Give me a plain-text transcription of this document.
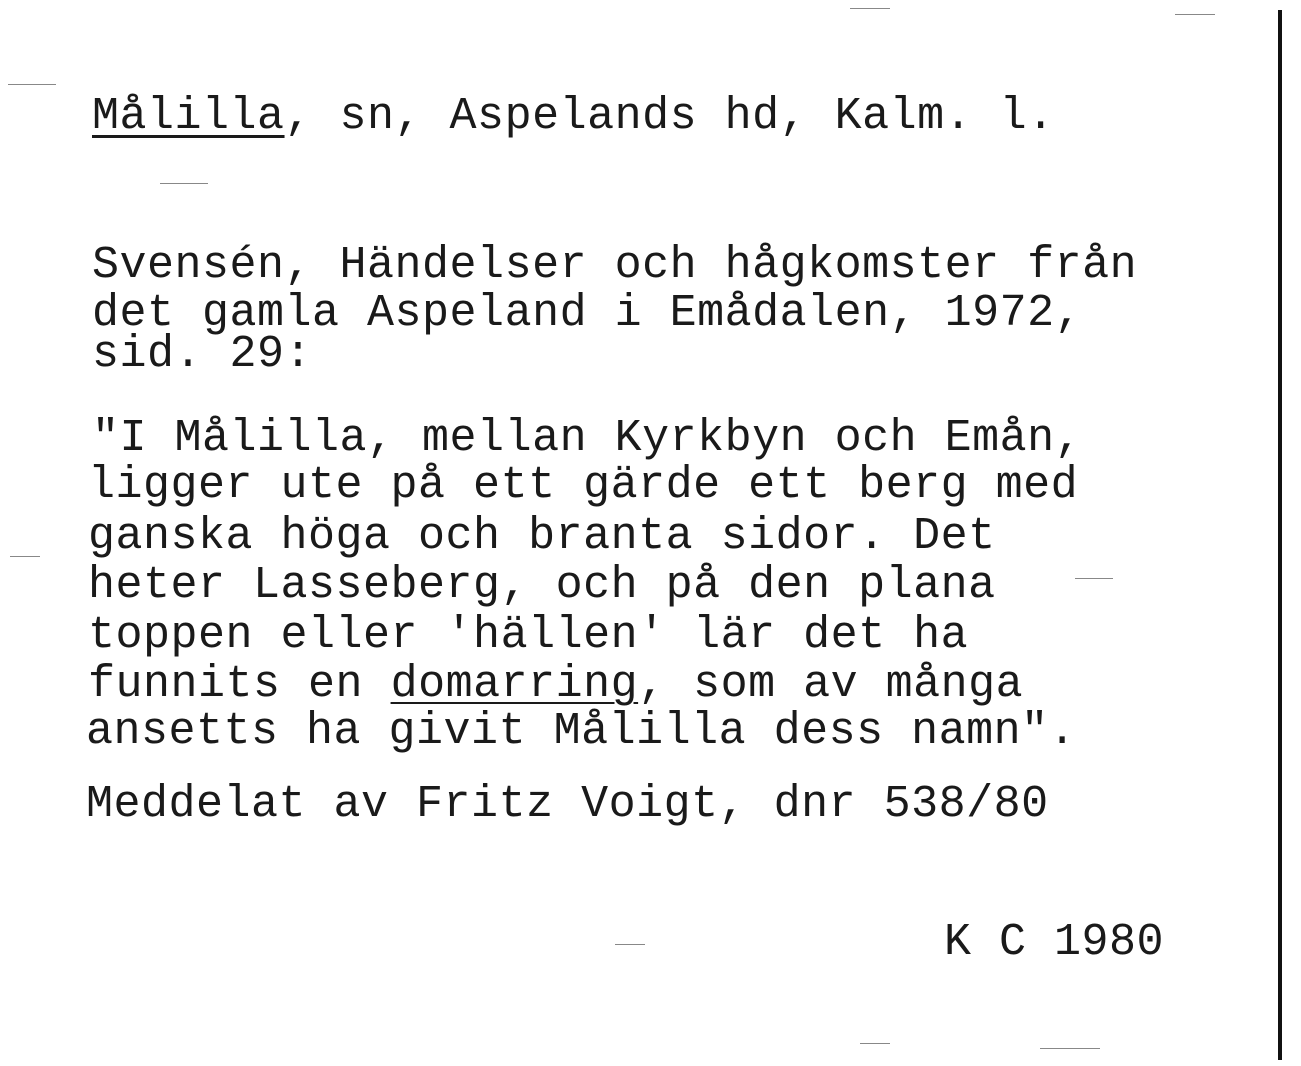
Målilla, sn, Aspelands hd, Kalm. l.
Svensén, Händelser och hågkomster från
det gamla Aspeland i Emådalen, 1972,
sid. 29:
"I Målilla, mellan Kyrkbyn och Emån,
ligger ute på ett gärde ett berg med
ganska höga och branta sidor. Det
heter Lasseberg, och på den plana
toppen eller 'hällen' lär det ha
funnits en domarring, som av många
ansetts ha givit Målilla dess namn".
Meddelat av Fritz Voigt, dnr 538/80
K C 1980
